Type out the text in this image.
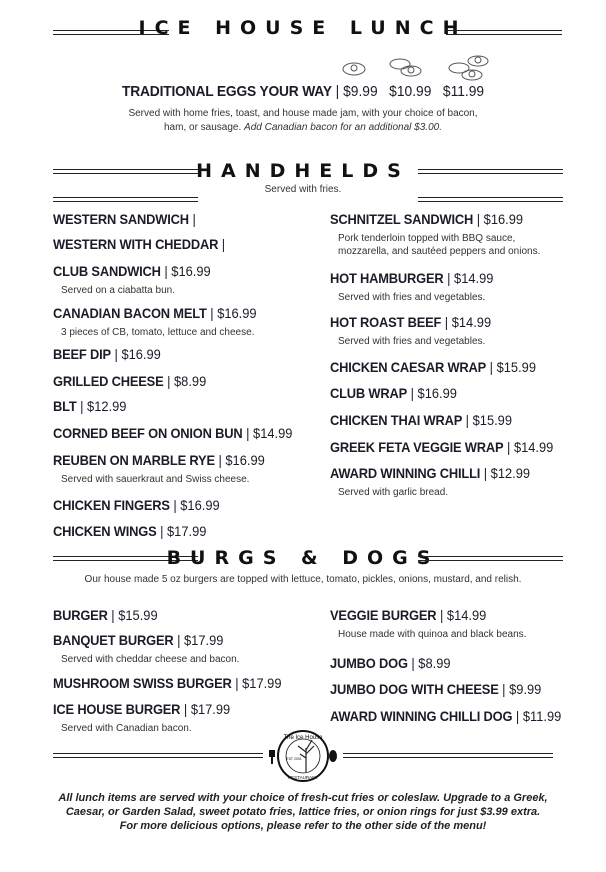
ICE HOUSE LUNCH
TRADITIONAL EGGS YOUR WAY | $9.99 $10.99 $11.99
Served with home fries, toast, and house made jam, with your choice of bacon,
ham, or sausage. Add Canadian bacon for an additional $3.00.
HANDHELDS
Served with fries.
WESTERN SANDWICH |
WESTERN WITH CHEDDAR |
CLUB SANDWICH | $16.99
Served on a ciabatta bun.
CANADIAN BACON MELT | $16.99
3 pieces of CB, tomato, lettuce and cheese.
BEEF DIP | $16.99
GRILLED CHEESE | $8.99
BLT | $12.99
CORNED BEEF ON ONION BUN | $14.99
REUBEN ON MARBLE RYE | $16.99
Served with sauerkraut and Swiss cheese.
CHICKEN FINGERS | $16.99
CHICKEN WINGS | $17.99
SCHNITZEL SANDWICH | $16.99
Pork tenderloin topped with BBQ sauce,
mozzarella, and sautéed peppers and onions.
HOT HAMBURGER | $14.99
Served with fries and vegetables.
HOT ROAST BEEF | $14.99
Served with fries and vegetables.
CHICKEN CAESAR WRAP | $15.99
CLUB WRAP | $16.99
CHICKEN THAI WRAP | $15.99
GREEK FETA VEGGIE WRAP | $14.99
AWARD WINNING CHILLI | $12.99
Served with garlic bread.
BURGS & DOGS
Our house made 5 oz burgers are topped with lettuce, tomato, pickles, onions, mustard, and relish.
BURGER | $15.99
BANQUET BURGER | $17.99
Served with cheddar cheese and bacon.
MUSHROOM SWISS BURGER | $17.99
ICE HOUSE BURGER | $17.99
Served with Canadian bacon.
VEGGIE BURGER | $14.99
House made with quinoa and black beans.
JUMBO DOG | $8.99
JUMBO DOG WITH CHEESE | $9.99
AWARD WINNING CHILLI DOG | $11.99
The Ice House
EST 2001
RESTAURANT
All lunch items are served with your choice of fresh-cut fries or coleslaw. Upgrade to a Greek,
Caesar, or Garden Salad, sweet potato fries, lattice fries, or onion rings for just $3.99 extra.
For more delicious options, please refer to the other side of the menu!
